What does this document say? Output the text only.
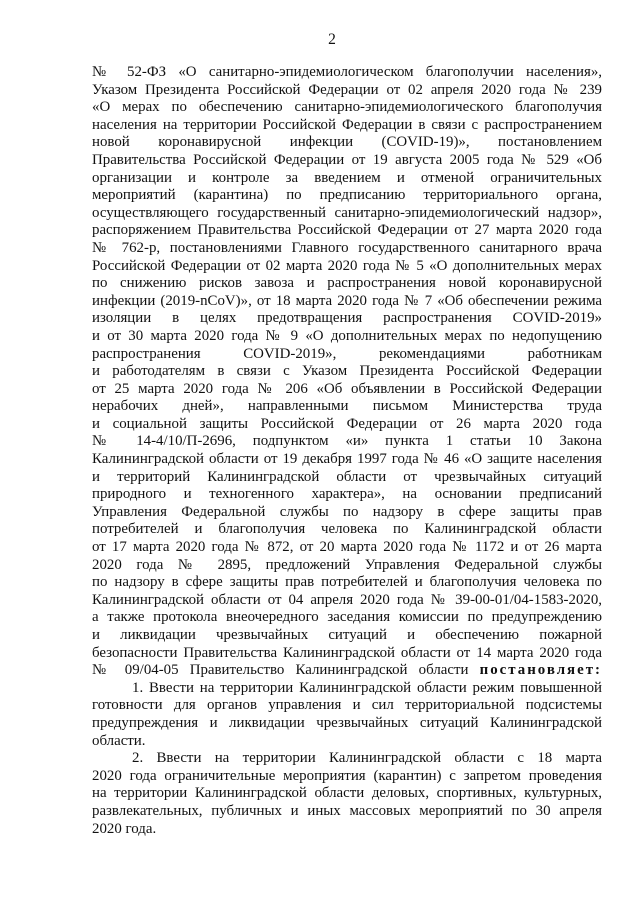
2
№ 52-ФЗ «О санитарно-эпидемиологическом благополучии населения»,
Указом Президента Российской Федерации от 02 апреля 2020 года № 239
«О мерах по обеспечению санитарно-эпидемиологического благополучия
населения на территории Российской Федерации в связи с распространением
новой коронавирусной инфекции (COVID-19)», постановлением
Правительства Российской Федерации от 19 августа 2005 года № 529 «Об
организации и контроле за введением и отменой ограничительных
мероприятий (карантина) по предписанию территориального органа,
осуществляющего государственный санитарно-эпидемиологический надзор»,
распоряжением Правительства Российской Федерации от 27 марта 2020 года
№ 762-р, постановлениями Главного государственного санитарного врача
Российской Федерации от 02 марта 2020 года № 5 «О дополнительных мерах
по снижению рисков завоза и распространения новой коронавирусной
инфекции (2019-nCoV)», от 18 марта 2020 года № 7 «Об обеспечении режима
изоляции в целях предотвращения распространения COVID-2019»
и от 30 марта 2020 года № 9 «О дополнительных мерах по недопущению
распространения COVID-2019», рекомендациями работникам
и работодателям в связи с Указом Президента Российской Федерации
от 25 марта 2020 года № 206 «Об объявлении в Российской Федерации
нерабочих дней», направленными письмом Министерства труда
и социальной защиты Российской Федерации от 26 марта 2020 года
№ 14-4/10/П-2696, подпунктом «и» пункта 1 статьи 10 Закона
Калининградской области от 19 декабря 1997 года № 46 «О защите населения
и территорий Калининградской области от чрезвычайных ситуаций
природного и техногенного характера», на основании предписаний
Управления Федеральной службы по надзору в сфере защиты прав
потребителей и благополучия человека по Калининградской области
от 17 марта 2020 года № 872, от 20 марта 2020 года № 1172 и от 26 марта
2020 года № 2895, предложений Управления Федеральной службы
по надзору в сфере защиты прав потребителей и благополучия человека по
Калининградской области от 04 апреля 2020 года № 39-00-01/04-1583-2020,
а также протокола внеочередного заседания комиссии по предупреждению
и ликвидации чрезвычайных ситуаций и обеспечению пожарной
безопасности Правительства Калининградской области от 14 марта 2020 года
№ 09/04-05 Правительство Калининградской области постановляет:
1. Ввести на территории Калининградской области режим повышенной
готовности для органов управления и сил территориальной подсистемы
предупреждения и ликвидации чрезвычайных ситуаций Калининградской
области.
2. Ввести на территории Калининградской области с 18 марта
2020 года ограничительные мероприятия (карантин) с запретом проведения
на территории Калининградской области деловых, спортивных, культурных,
развлекательных, публичных и иных массовых мероприятий по 30 апреля
2020 года.
